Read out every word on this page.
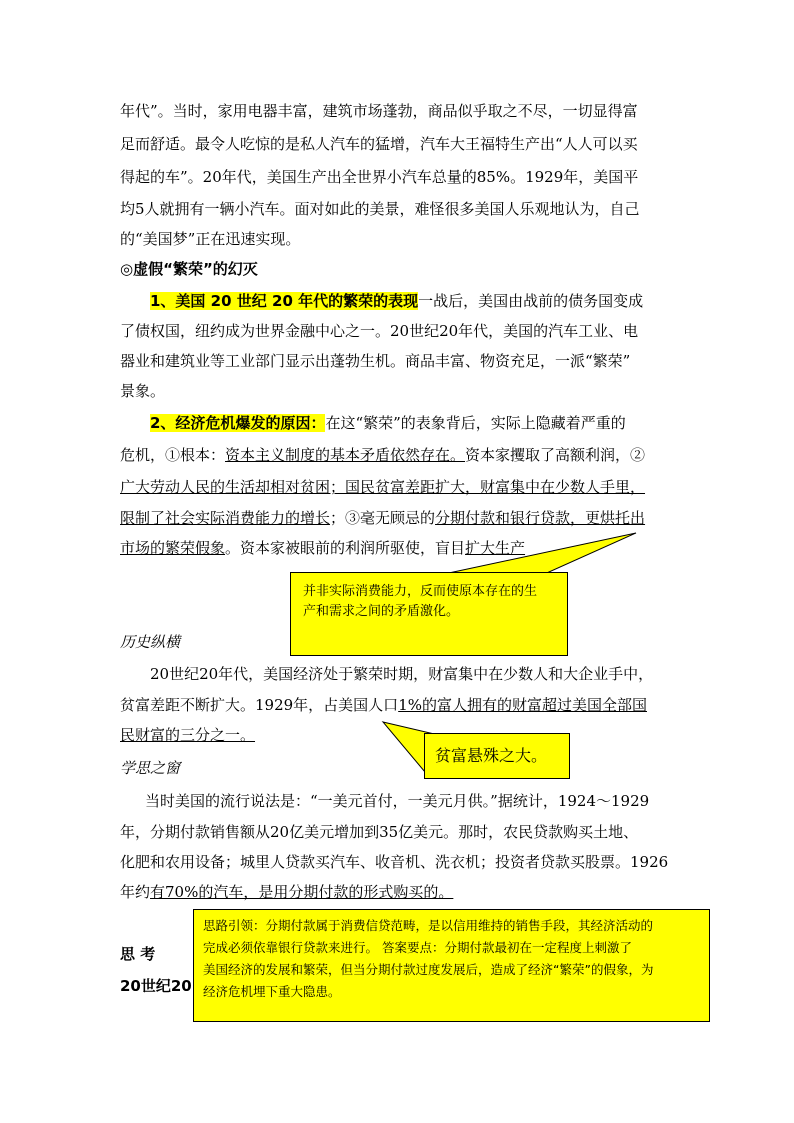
年代”。当时，家用电器丰富，建筑市场蓬勃，商品似乎取之不尽，一切显得富
足而舒适。最令人吃惊的是私人汽车的猛增，汽车大王福特生产出“人人可以买
得起的车”。20年代，美国生产出全世界小汽车总量的85%。1929年，美国平
均5人就拥有一辆小汽车。面对如此的美景，难怪很多美国人乐观地认为，自己
的“美国梦”正在迅速实现。
◎虚假“繁荣”的幻灭
1、美国 20 世纪 20 年代的繁荣的表现一战后，美国由战前的债务国变成
了债权国，纽约成为世界金融中心之一。20世纪20年代，美国的汽车工业、电
器业和建筑业等工业部门显示出蓬勃生机。商品丰富、物资充足，一派“繁荣”
景象。
2、经济危机爆发的原因：在这“繁荣”的表象背后，实际上隐藏着严重的
危机，①根本：资本主义制度的基本矛盾依然存在。资本家攫取了高额利润，②
广大劳动人民的生活却相对贫困；国民贫富差距扩大，财富集中在少数人手里，
限制了社会实际消费能力的增长；③毫无顾忌的分期付款和银行贷款，更烘托出
市场的繁荣假象。资本家被眼前的利润所驱使，盲目扩大生产
并非实际消费能力，反而使原本存在的生
产和需求之间的矛盾激化。
历史纵横
20世纪20年代，美国经济处于繁荣时期，财富集中在少数人和大企业手中，
贫富差距不断扩大。1929年，占美国人口1%的富人拥有的财富超过美国全部国
民财富的三分之一。
贫富悬殊之大。
学思之窗
当时美国的流行说法是：“一美元首付，一美元月供。”据统计，1924～1929
年，分期付款销售额从20亿美元增加到35亿美元。那时，农民贷款购买土地、
化肥和农用设备；城里人贷款买汽车、收音机、洗衣机；投资者贷款买股票。1926
年约有70%的汽车，是用分期付款的形式购买的。
思 考
20世纪20
思路引领：分期付款属于消费信贷范畴，是以信用维持的销售手段，其经济活动的
完成必须依靠银行贷款来进行。 答案要点：分期付款最初在一定程度上刺激了
美国经济的发展和繁荣，但当分期付款过度发展后，造成了经济“繁荣”的假象，为
经济危机埋下重大隐患。
